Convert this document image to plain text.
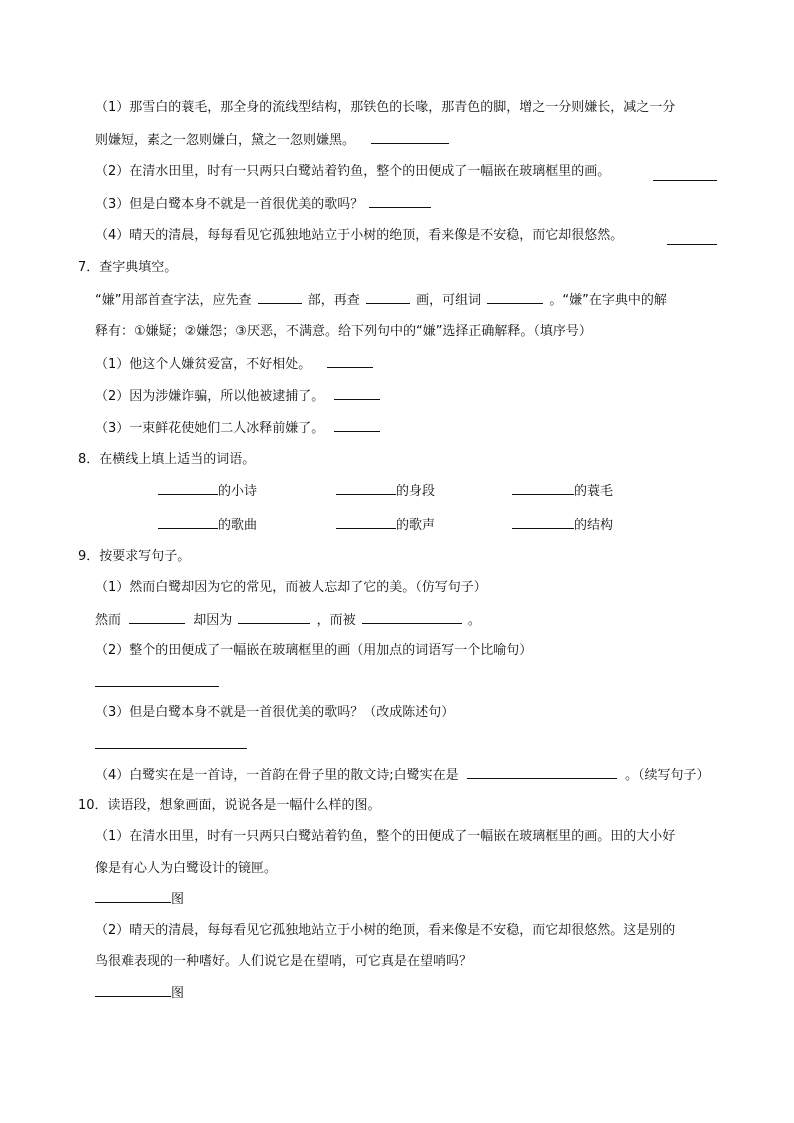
（1）那雪白的蓑毛，那全身的流线型结构，那铁色的长喙，那青色的脚，增之一分则嫌长，减之一分
则嫌短，素之一忽则嫌白，黛之一忽则嫌黑。
（2）在清水田里，时有一只两只白鹭站着钓鱼，整个的田便成了一幅嵌在玻璃框里的画。
（3）但是白鹭本身不就是一首很优美的歌吗？
（4）晴天的清晨，每每看见它孤独地站立于小树的绝顶，看来像是不安稳，而它却很悠然。
7．查字典填空。
“嫌”用部首查字法，应先查	部，再查	画，可组词	。“嫌”在字典中的解
释有：①嫌疑；②嫌怨；③厌恶，不满意。给下列句中的“嫌”选择正确解释。（填序号）
（1）他这个人嫌贫爱富，不好相处。
（2）因为涉嫌诈骗，所以他被逮捕了。
（3）一束鲜花使她们二人冰释前嫌了。
8．在横线上填上适当的词语。
的小诗	的身段	的蓑毛
的歌曲	的歌声	的结构
9．按要求写句子。
（1）然而白鹭却因为它的常见，而被人忘却了它的美。（仿写句子）
然而	却因为	，而被	。
（2）整个的田便成了一幅嵌在玻璃框里的画（用加点的词语写一个比喻句）
（3）但是白鹭本身不就是一首很优美的歌吗？（改成陈述句）
（4）白鹭实在是一首诗，一首韵在骨子里的散文诗;白鹭实在是	。（续写句子）
10．读语段，想象画面，说说各是一幅什么样的图。
（1）在清水田里，时有一只两只白鹭站着钓鱼，整个的田便成了一幅嵌在玻璃框里的画。田的大小好
像是有心人为白鹭设计的镜匣。
图
（2）晴天的清晨，每每看见它孤独地站立于小树的绝顶，看来像是不安稳，而它却很悠然。这是别的
鸟很难表现的一种嗜好。人们说它是在望哨，可它真是在望哨吗？
图
